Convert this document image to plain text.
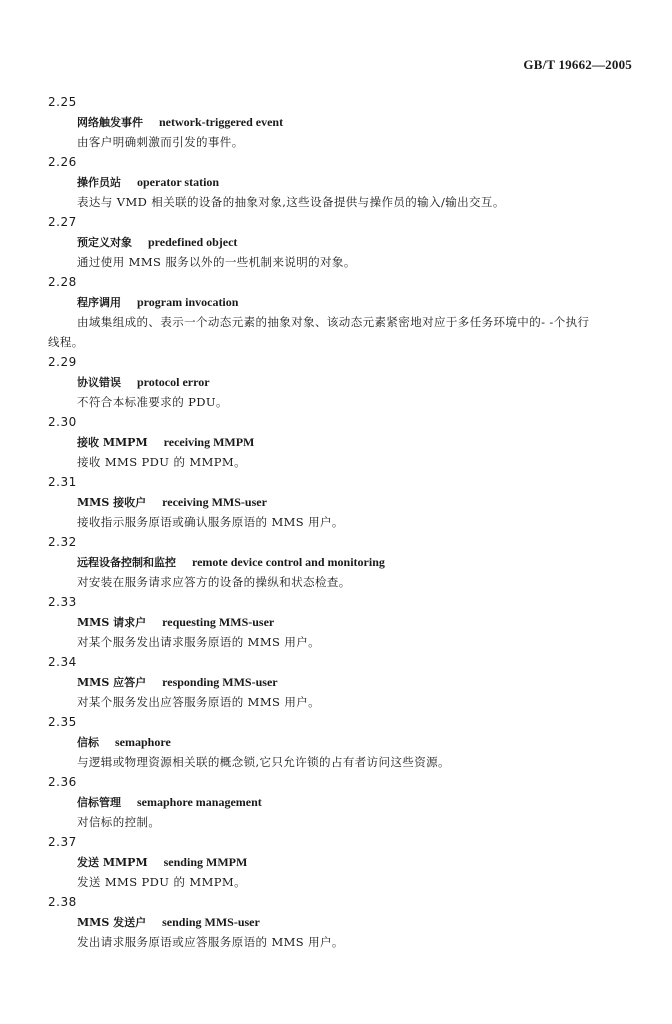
GB/T 19662—2005
2.25
网络触发事件 network-triggered event
由客户明确刺激而引发的事件。
2.26
操作员站 operator station
表达与 VMD 相关联的设备的抽象对象,这些设备提供与操作员的输入/输出交互。
2.27
预定义对象 predefined object
通过使用 MMS 服务以外的一些机制来说明的对象。
2.28
程序调用 program invocation
由域集组成的、表示一个动态元素的抽象对象、该动态元素紧密地对应于多任务环境中的- -个执行
线程。
2.29
协议错误 protocol error
不符合本标准要求的 PDU。
2.30
接收 MMPM receiving MMPM
接收 MMS PDU 的 MMPM。
2.31
MMS 接收户 receiving MMS-user
接收指示服务原语或确认服务原语的 MMS 用户。
2.32
远程设备控制和监控 remote device control and monitoring
对安装在服务请求应答方的设备的操纵和状态检查。
2.33
MMS 请求户 requesting MMS-user
对某个服务发出请求服务原语的 MMS 用户。
2.34
MMS 应答户 responding MMS-user
对某个服务发出应答服务原语的 MMS 用户。
2.35
信标 semaphore
与逻辑或物理资源相关联的概念锁,它只允许锁的占有者访问这些资源。
2.36
信标管理 semaphore management
对信标的控制。
2.37
发送 MMPM sending MMPM
发送 MMS PDU 的 MMPM。
2.38
MMS 发送户 sending MMS-user
发出请求服务原语或应答服务原语的 MMS 用户。
